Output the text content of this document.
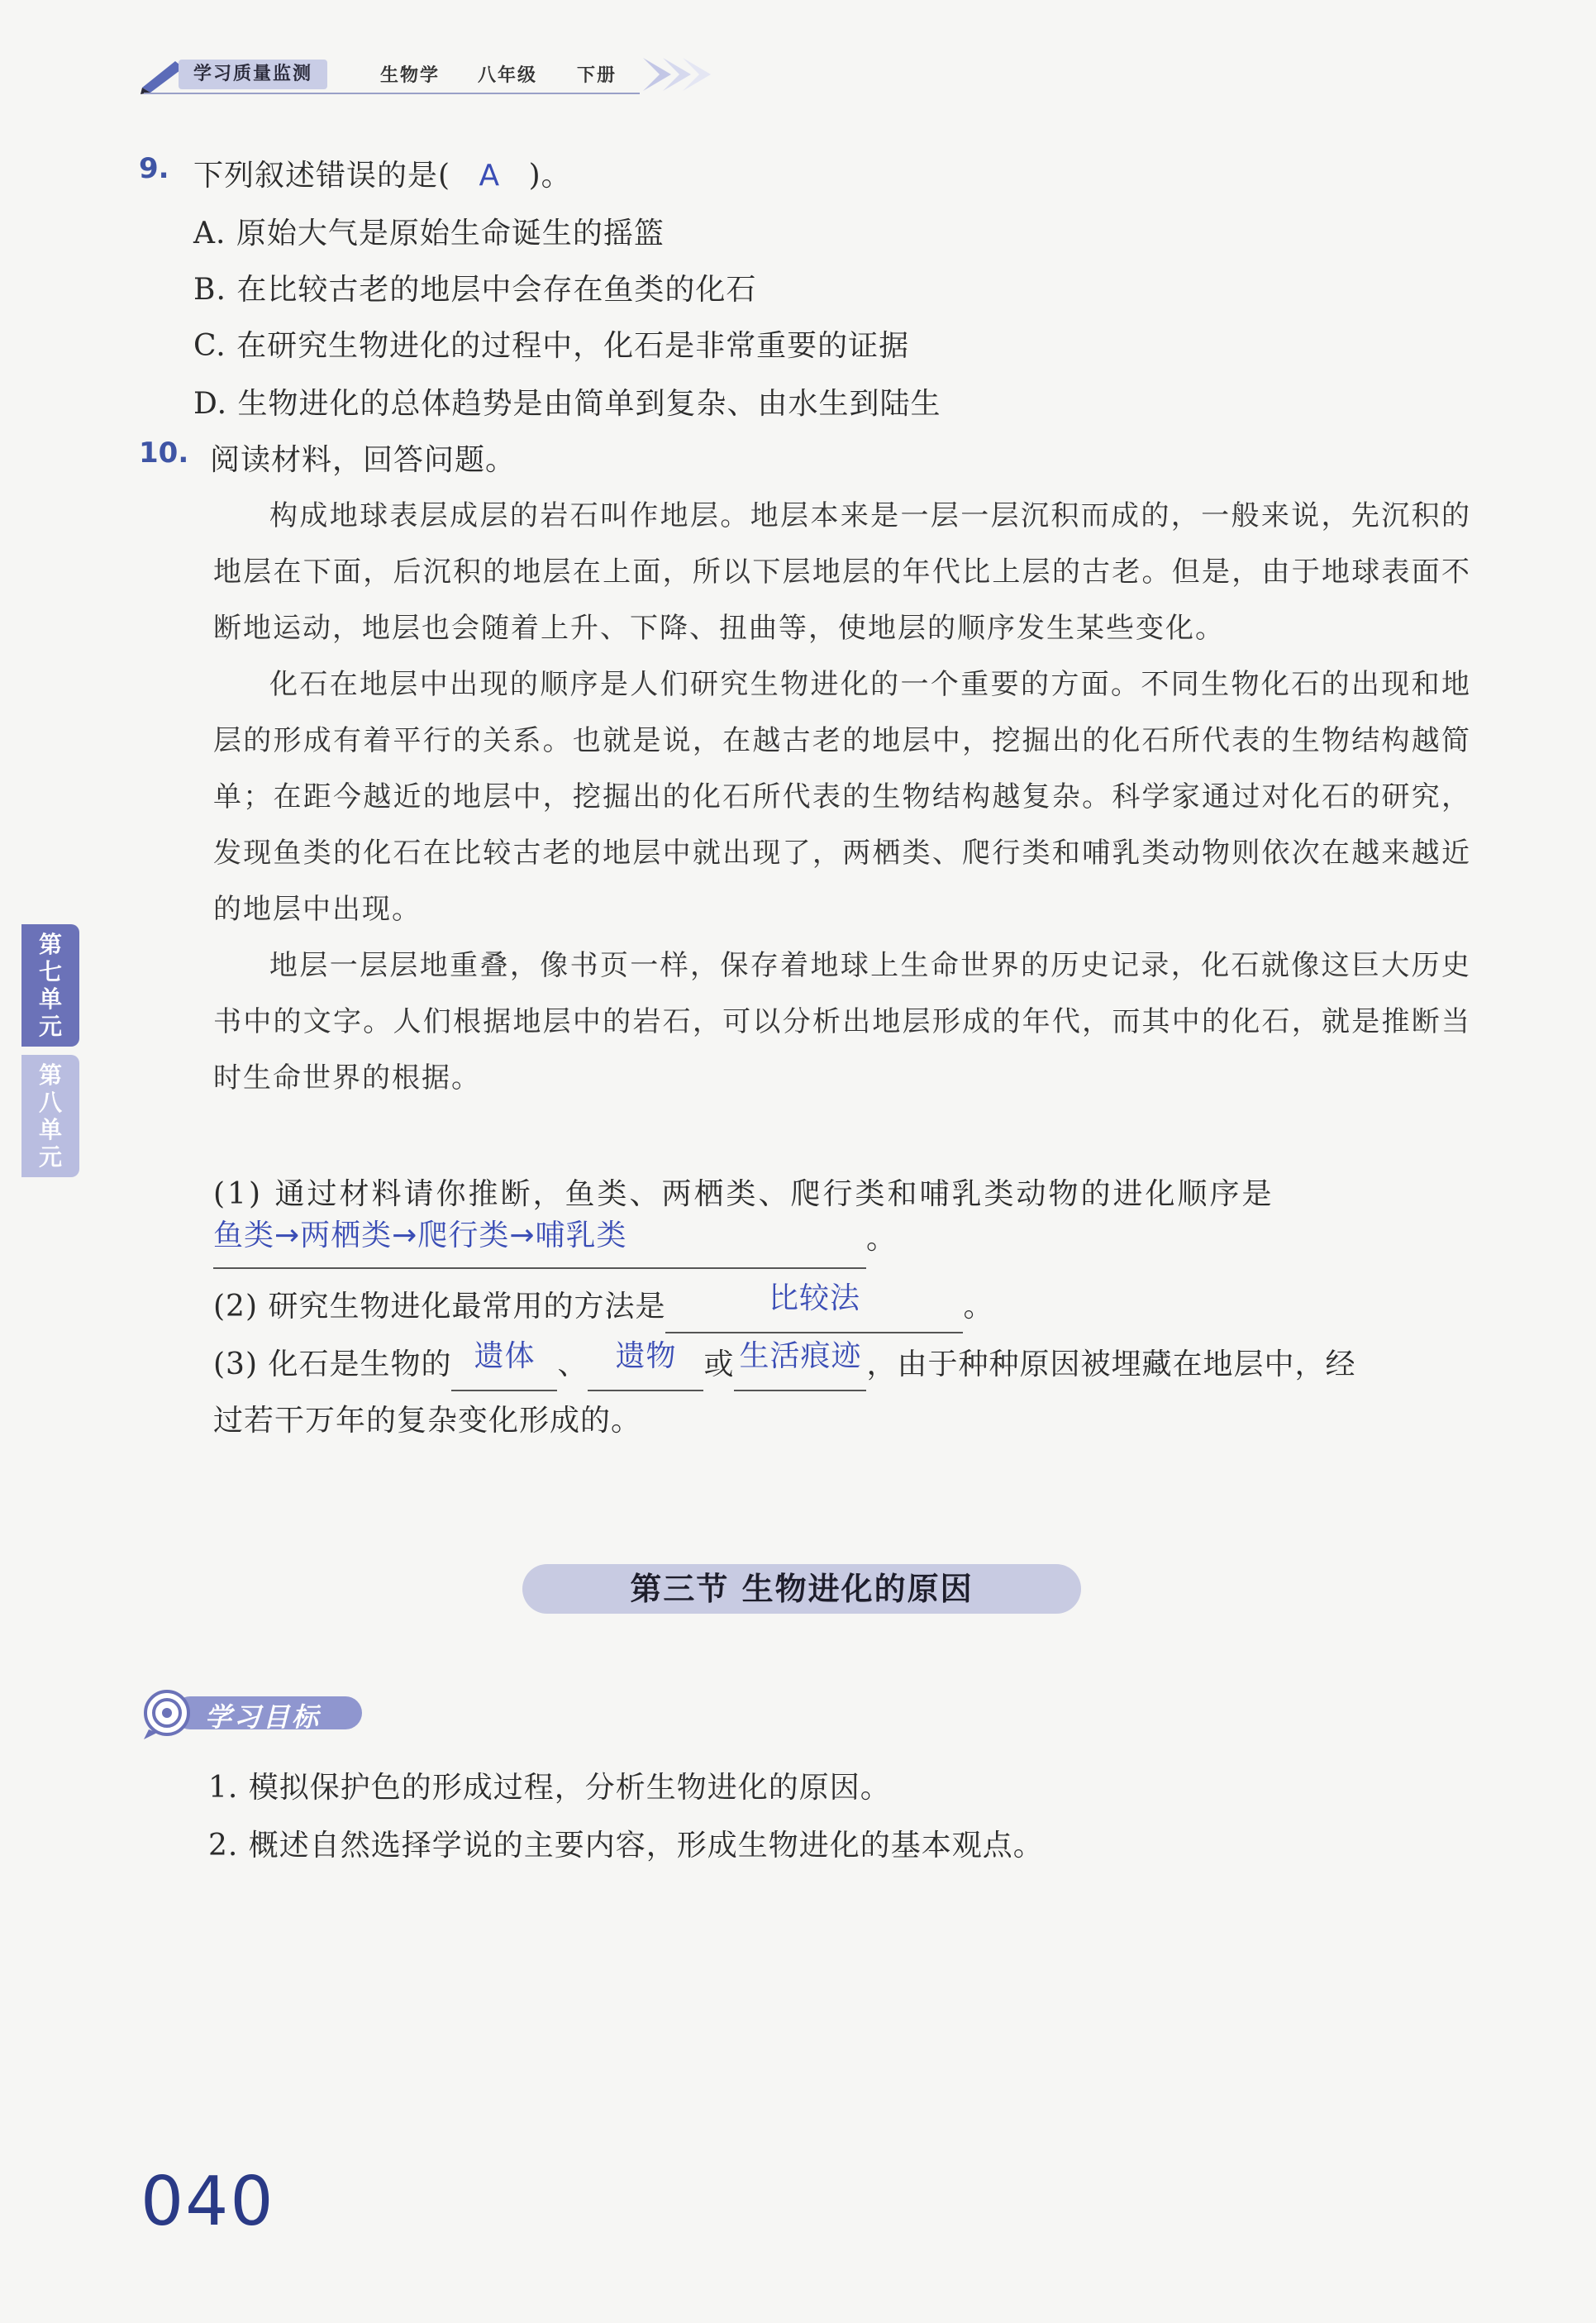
学习质量监测	生物学 八年级 下册
9. 下列叙述错误的是( A )。
A. 原始大气是原始生命诞生的摇篮
B. 在比较古老的地层中会存在鱼类的化石
C. 在研究生物进化的过程中，化石是非常重要的证据
D. 生物进化的总体趋势是由简单到复杂、由水生到陆生
10. 阅读材料，回答问题。

构成地球表层成层的岩石叫作地层。地层本来是一层一层沉积而成的，一般来说，先沉积的地层在下面，后沉积的地层在上面，所以下层地层的年代比上层的古老。但是，由于地球表面不断地运动，地层也会随着上升、下降、扭曲等，使地层的顺序发生某些变化。

化石在地层中出现的顺序是人们研究生物进化的一个重要的方面。不同生物化石的出现和地层的形成有着平行的关系。也就是说，在越古老的地层中，挖掘出的化石所代表的生物结构越简单；在距今越近的地层中，挖掘出的化石所代表的生物结构越复杂。科学家通过对化石的研究，发现鱼类的化石在比较古老的地层中就出现了，两栖类、爬行类和哺乳类动物则依次在越来越近的地层中出现。

地层一层层地重叠，像书页一样，保存着地球上生命世界的历史记录，化石就像这巨大历史书中的文字。人们根据地层中的岩石，可以分析出地层形成的年代，而其中的化石，就是推断当时生命世界的根据。

(1) 通过材料请你推断，鱼类、两栖类、爬行类和哺乳类动物的进化顺序是
鱼类→两栖类→爬行类→哺乳类	。
(2) 研究生物进化最常用的方法是	比较法	。
(3) 化石是生物的 遗体 、 遗物 或 生活痕迹 ，由于种种原因被埋藏在地层中，经
过若干万年的复杂变化形成的。
第三节 生物进化的原因
学习目标
1. 模拟保护色的形成过程，分析生物进化的原因。
2. 概述自然选择学说的主要内容，形成生物进化的基本观点。
第七单元
第八单元
040
